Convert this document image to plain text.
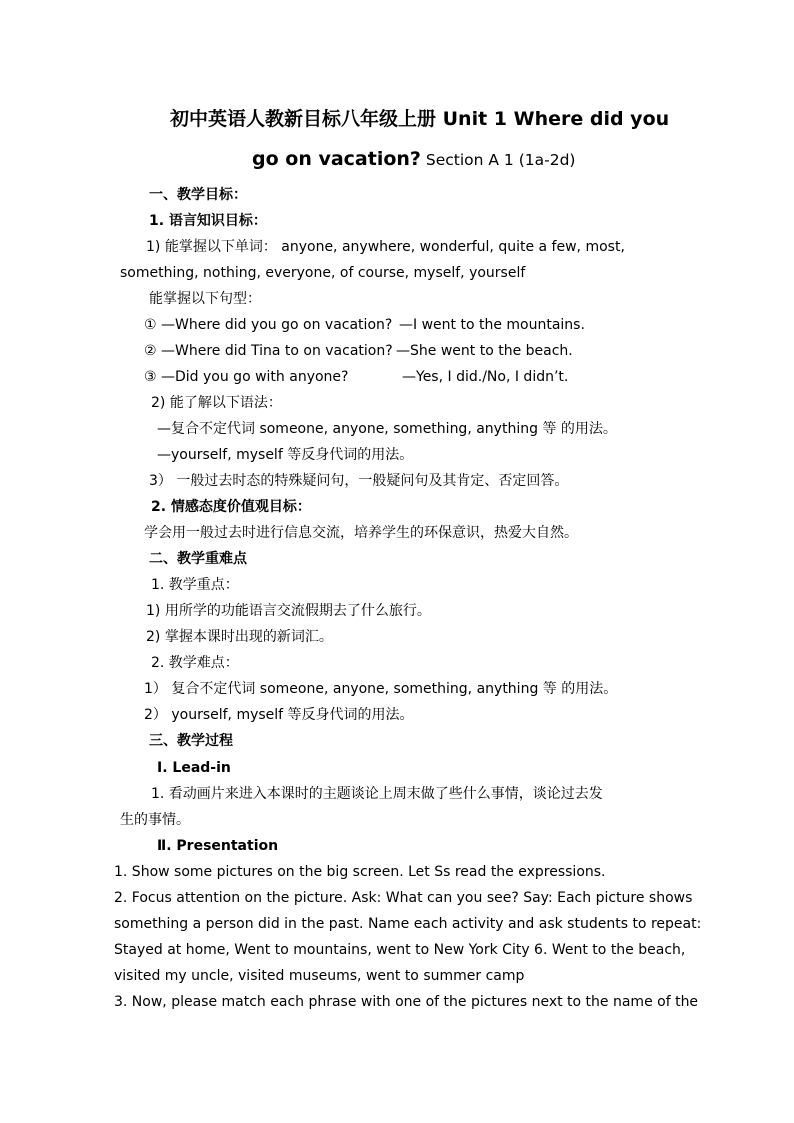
初中英语人教新目标八年级上册 Unit 1 Where did you
go on vacation? Section A 1 (1a-2d)
一、教学目标：
1. 语言知识目标：
1) 能掌握以下单词： anyone, anywhere, wonderful, quite a few, most,
something, nothing, everyone, of course, myself, yourself
能掌握以下句型：
① —Where did you go on vacation? —I went to the mountains.
② —Where did Tina to on vacation? —She went to the beach.
③ —Did you go with anyone?	—Yes, I did./No, I didn’t.
2) 能了解以下语法：
—复合不定代词 someone, anyone, something, anything 等 的用法。
—yourself, myself 等反身代词的用法。
3） 一般过去时态的特殊疑问句，一般疑问句及其肯定、否定回答。
2. 情感态度价值观目标：
学会用一般过去时进行信息交流，培养学生的环保意识，热爱大自然。
二、教学重难点
1. 教学重点：
1) 用所学的功能语言交流假期去了什么旅行。
2) 掌握本课时出现的新词汇。
2. 教学难点：
1） 复合不定代词 someone, anyone, something, anything 等 的用法。
2） yourself, myself 等反身代词的用法。
三、教学过程
Ⅰ. Lead-in
1. 看动画片来进入本课时的主题谈论上周末做了些什么事情，谈论过去发
生的事情。
Ⅱ. Presentation
1. Show some pictures on the big screen. Let Ss read the expressions.
2. Focus attention on the picture. Ask: What can you see? Say: Each picture shows
something a person did in the past. Name each activity and ask students to repeat:
Stayed at home, Went to mountains, went to New York City 6. Went to the beach,
visited my uncle, visited museums, went to summer camp
3. Now, please match each phrase with one of the pictures next to the name of the
